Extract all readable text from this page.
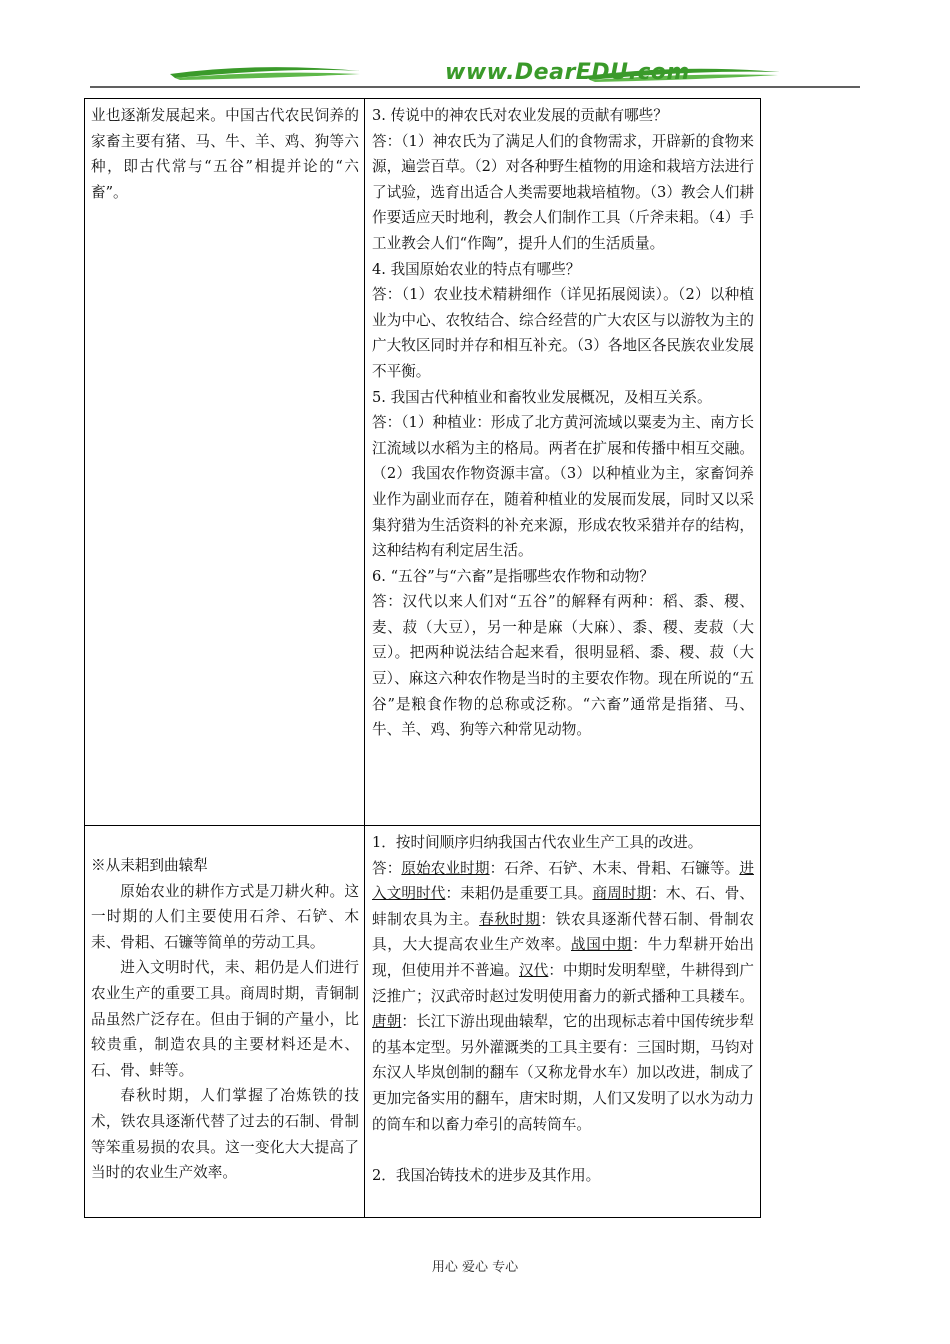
www.DearEDU.com

业也逐渐发展起来。中国古代农民饲养的家畜主要有猪、马、牛、羊、鸡、狗等六种，即古代常与“五谷”相提并论的“六畜”。

3. 传说中的神农氏对农业发展的贡献有哪些？

答：（1）神农氏为了满足人们的食物需求，开辟新的食物来源，遍尝百草。（2）对各种野生植物的用途和栽培方法进行了试验，选育出适合人类需要地栽培植物。（3）教会人们耕作要适应天时地利，教会人们制作工具（斤斧耒耜。（4）手工业教会人们“作陶”，提升人们的生活质量。

4. 我国原始农业的特点有哪些？

答：（1）农业技术精耕细作（详见拓展阅读）。（2）以种植业为中心、农牧结合、综合经营的广大农区与以游牧为主的广大牧区同时并存和相互补充。（3）各地区各民族农业发展不平衡。

5. 我国古代种植业和畜牧业发展概况，及相互关系。

答：（1）种植业：形成了北方黄河流域以粟麦为主、南方长江流域以水稻为主的格局。两者在扩展和传播中相互交融。（2）我国农作物资源丰富。（3）以种植业为主，家畜饲养业作为副业而存在，随着种植业的发展而发展，同时又以采集狩猎为生活资料的补充来源，形成农牧采猎并存的结构，这种结构有利定居生活。

6. “五谷”与“六畜”是指哪些农作物和动物？

答：汉代以来人们对“五谷”的解释有两种：稻、黍、稷、麦、菽（大豆），另一种是麻（大麻）、黍、稷、麦菽（大豆）。把两种说法结合起来看，很明显稻、黍、稷、菽（大豆）、麻这六种农作物是当时的主要农作物。现在所说的“五谷”是粮食作物的总称或泛称。“六畜”通常是指猪、马、牛、羊、鸡、狗等六种常见动物。

※从耒耜到曲辕犁

原始农业的耕作方式是刀耕火种。这一时期的人们主要使用石斧、石铲、木耒、骨耜、石镰等简单的劳动工具。

进入文明时代，耒、耜仍是人们进行农业生产的重要工具。商周时期，青铜制品虽然广泛存在。但由于铜的产量小，比较贵重，制造农具的主要材料还是木、石、骨、蚌等。

春秋时期，人们掌握了冶炼铁的技术，铁农具逐渐代替了过去的石制、骨制等笨重易损的农具。这一变化大大提高了当时的农业生产效率。

1．按时间顺序归纳我国古代农业生产工具的改进。

答：原始农业时期：石斧、石铲、木耒、骨耜、石镰等。进入文明时代：耒耜仍是重要工具。商周时期：木、石、骨、蚌制农具为主。春秋时期：铁农具逐渐代替石制、骨制农具，大大提高农业生产效率。战国中期：牛力犁耕开始出现，但使用并不普遍。汉代：中期时发明犁壁，牛耕得到广泛推广；汉武帝时赵过发明使用畜力的新式播种工具耧车。唐朝：长江下游出现曲辕犁，它的出现标志着中国传统步犁的基本定型。另外灌溉类的工具主要有：三国时期，马钧对东汉人毕岚创制的翻车（又称龙骨水车）加以改进，制成了更加完备实用的翻车，唐宋时期，人们又发明了以水为动力的筒车和以畜力牵引的高转筒车。

2．我国冶铸技术的进步及其作用。

用心 爱心 专心
